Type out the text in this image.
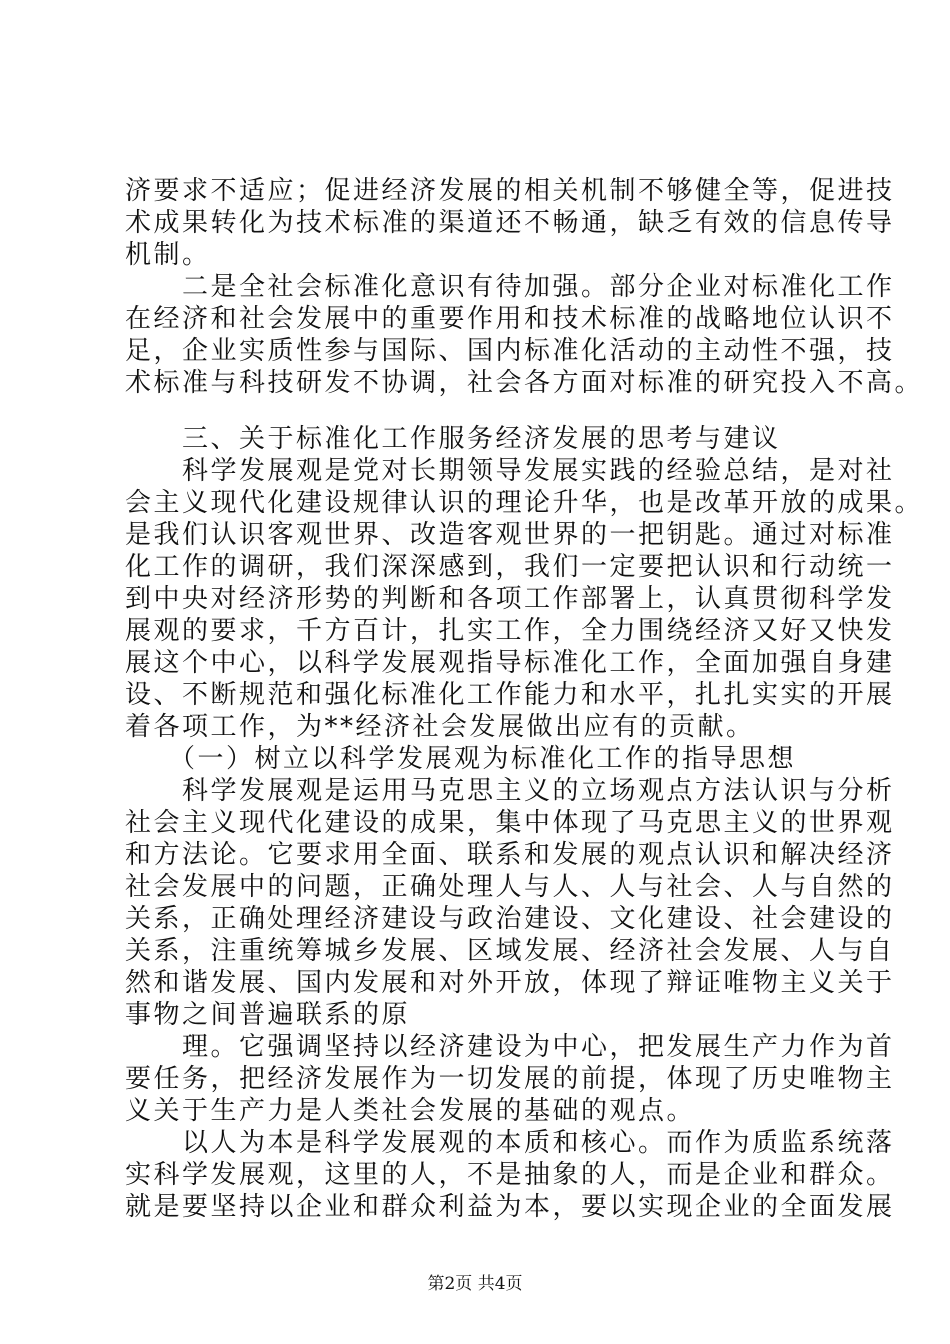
济要求不适应；促进经济发展的相关机制不够健全等，促进技
术成果转化为技术标准的渠道还不畅通，缺乏有效的信息传导
机制。
　　二是全社会标准化意识有待加强。部分企业对标准化工作
在经济和社会发展中的重要作用和技术标准的战略地位认识不
足，企业实质性参与国际、国内标准化活动的主动性不强，技
术标准与科技研发不协调，社会各方面对标准的研究投入不高。
　　三、关于标准化工作服务经济发展的思考与建议
　　科学发展观是党对长期领导发展实践的经验总结，是对社
会主义现代化建设规律认识的理论升华，也是改革开放的成果。
是我们认识客观世界、改造客观世界的一把钥匙。通过对标准
化工作的调研，我们深深感到，我们一定要把认识和行动统一
到中央对经济形势的判断和各项工作部署上，认真贯彻科学发
展观的要求，千方百计，扎实工作，全力围绕经济又好又快发
展这个中心，以科学发展观指导标准化工作，全面加强自身建
设、不断规范和强化标准化工作能力和水平，扎扎实实的开展
着各项工作，为**经济社会发展做出应有的贡献。
　　（一）树立以科学发展观为标准化工作的指导思想
　　科学发展观是运用马克思主义的立场观点方法认识与分析
社会主义现代化建设的成果，集中体现了马克思主义的世界观
和方法论。它要求用全面、联系和发展的观点认识和解决经济
社会发展中的问题，正确处理人与人、人与社会、人与自然的
关系，正确处理经济建设与政治建设、文化建设、社会建设的
关系，注重统筹城乡发展、区域发展、经济社会发展、人与自
然和谐发展、国内发展和对外开放，体现了辩证唯物主义关于
事物之间普遍联系的原
　　理。它强调坚持以经济建设为中心，把发展生产力作为首
要任务，把经济发展作为一切发展的前提，体现了历史唯物主
义关于生产力是人类社会发展的基础的观点。
　　以人为本是科学发展观的本质和核心。而作为质监系统落
实科学发展观，这里的人，不是抽象的人，而是企业和群众。
就是要坚持以企业和群众利益为本，要以实现企业的全面发展
第2页 共4页
